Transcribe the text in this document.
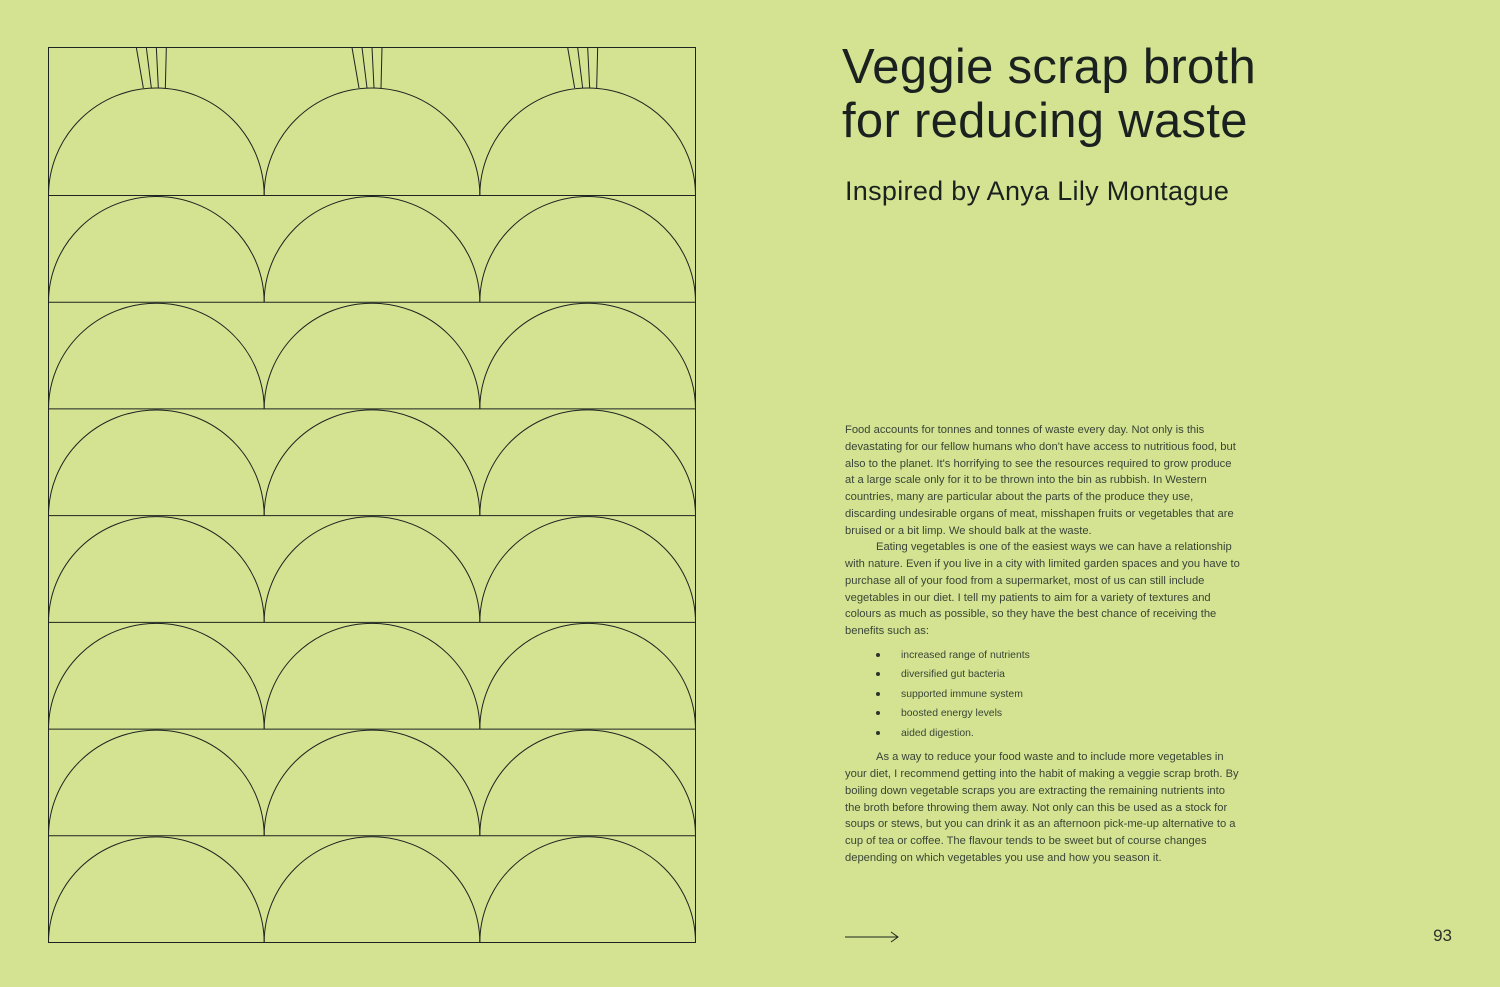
Veggie scrap broth
for reducing waste
Inspired by Anya Lily Montague

Food accounts for tonnes and tonnes of waste every day. Not only is this devastating for our fellow humans who don't have access to nutritious food, but also to the planet. It's horrifying to see the resources required to grow produce at a large scale only for it to be thrown into the bin as rubbish. In Western countries, many are particular about the parts of the produce they use, discarding undesirable organs of meat, misshapen fruits or vegetables that are bruised or a bit limp. We should balk at the waste.

Eating vegetables is one of the easiest ways we can have a relationship with nature. Even if you live in a city with limited garden spaces and you have to purchase all of your food from a supermarket, most of us can still include vegetables in our diet. I tell my patients to aim for a variety of textures and colours as much as possible, so they have the best chance of receiving the benefits such as:

increased range of nutrients
diversified gut bacteria
supported immune system
boosted energy levels
aided digestion.

As a way to reduce your food waste and to include more vegetables in your diet, I recommend getting into the habit of making a veggie scrap broth. By boiling down vegetable scraps you are extracting the remaining nutrients into the broth before throwing them away. Not only can this be used as a stock for soups or stews, but you can drink it as an afternoon pick-me-up alternative to a cup of tea or coffee. The flavour tends to be sweet but of course changes depending on which vegetables you use and how you season it.

93
